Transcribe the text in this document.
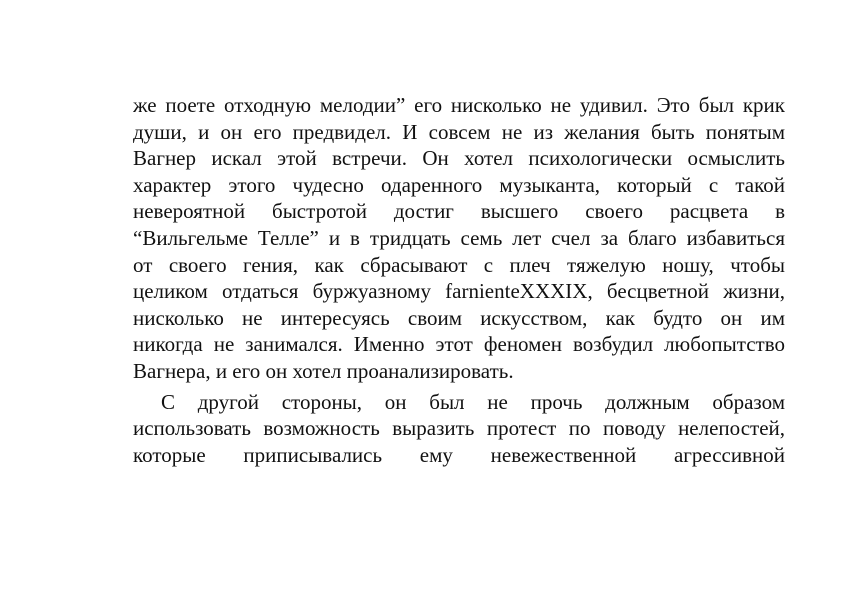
же поете отходную мелодии” его нисколько не удивил. Это был крик
души, и он его предвидел. И совсем не из желания быть понятым
Вагнер искал этой встречи. Он хотел психологически осмыслить
характер этого чудесно одаренного музыканта, который с такой
невероятной быстротой достиг высшего своего расцвета в
“Вильгельме Телле” и в тридцать семь лет счел за благо избавиться
от своего гения, как сбрасывают с плеч тяжелую ношу, чтобы
целиком отдаться буржуазному farnienteXXXIX, бесцветной жизни,
нисколько не интересуясь своим искусством, как будто он им
никогда не занимался. Именно этот феномен возбудил любопытство
Вагнера, и его он хотел проанализировать.
С другой стороны, он был не прочь должным образом
использовать возможность выразить протест по поводу нелепостей,
которые приписывались ему невежественной агрессивной
